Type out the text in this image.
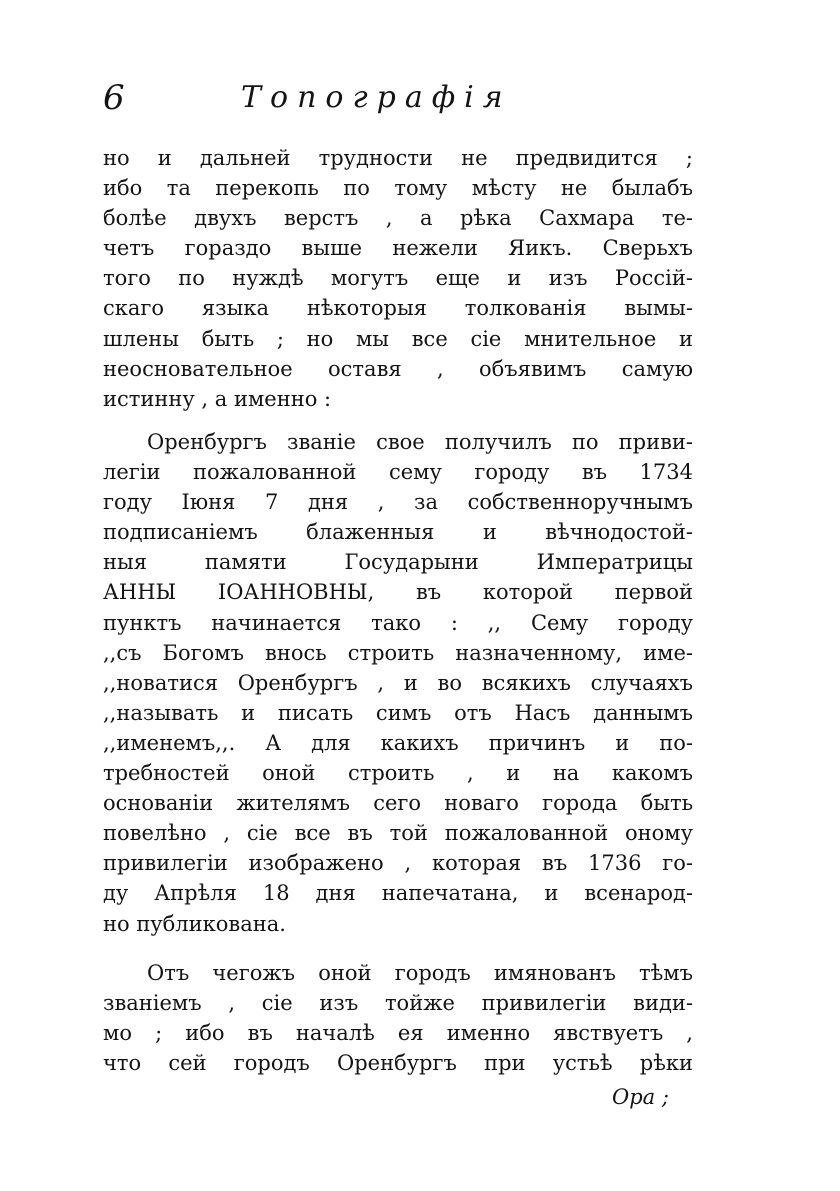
6	Топографія
но и дальней трудности не предвидится ;
ибо та перекопь по тому мѣсту не былабъ
болѣе двухъ верстъ , а рѣка Сахмара те-
четъ гораздо выше нежели Яикъ. Сверьхъ
того по нуждѣ могутъ еще и изъ Россій-
скаго языка нѣкоторыя толкованія вымы-
шлены быть ; но мы все сіе мнительное и
неосновательное оставя , объявимъ самую
истинну , а именно :
Оренбургъ званіе свое получилъ по приви-
легіи пожалованной сему городу въ 1734
году Іюня 7 дня , за собственноручнымъ
подписаніемъ блаженныя и вѣчнодостой-
ныя памяти Государыни Императрицы
АННЫ ІОАННОВНЫ, въ которой первой
пунктъ начинается тако : ,, Сему городу
,,съ Богомъ внось строить назначенному, име-
,,новатися Оренбургъ , и во всякихъ случаяхъ
,,называть и писать симъ отъ Насъ даннымъ
,,именемъ,,. А для какихъ причинъ и по-
требностей оной строить , и на какомъ
основаніи жителямъ сего новаго города быть
повелѣно , сіе все въ той пожалованной оному
привилегіи изображено , которая въ 1736 го-
ду Апрѣля 18 дня напечатана, и всенарод-
но публикована.
Отъ чегожъ оной городъ имянованъ тѣмъ
званіемъ , сіе изъ тойже привилегіи види-
мо ; ибо въ началѣ ея именно явствуетъ ,
что сей городъ Оренбургъ при устьѣ рѣки
Ора ;
